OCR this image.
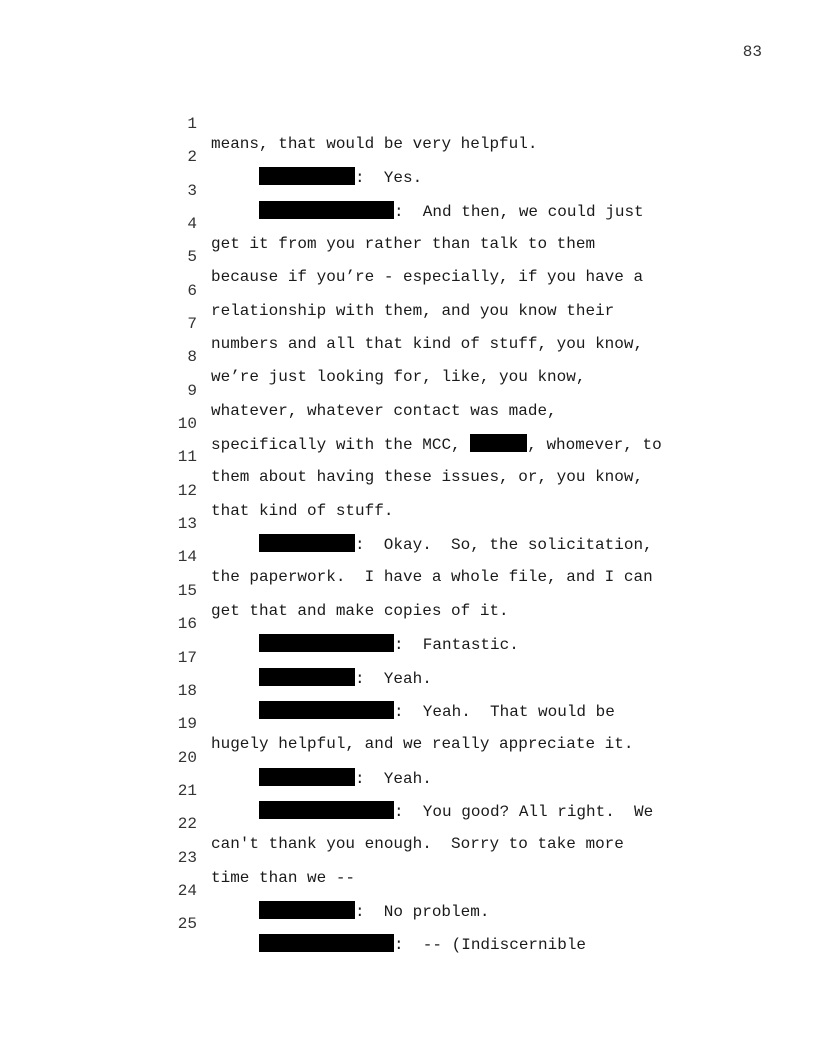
83

1

means, that would be very helpful.

2

:  Yes.

3

:  And then, we could just

4

get it from you rather than talk to them

5

because if you’re - especially, if you have a

6

relationship with them, and you know their

7

numbers and all that kind of stuff, you know,

8

we’re just looking for, like, you know,

9

whatever, whatever contact was made,

10

specifically with the MCC,	, whomever, to

11

them about having these issues, or, you know,

12

that kind of stuff.

13

:  Okay.  So, the solicitation,

14

the paperwork.  I have a whole file, and I can

15

get that and make copies of it.

16

:  Fantastic.

17

:  Yeah.

18

:  Yeah.  That would be

19

hugely helpful, and we really appreciate it.

20

:  Yeah.

21

:  You good? All right.  We

22

can't thank you enough.  Sorry to take more

23

time than we --

24

:  No problem.

25

:  -- (Indiscernible
